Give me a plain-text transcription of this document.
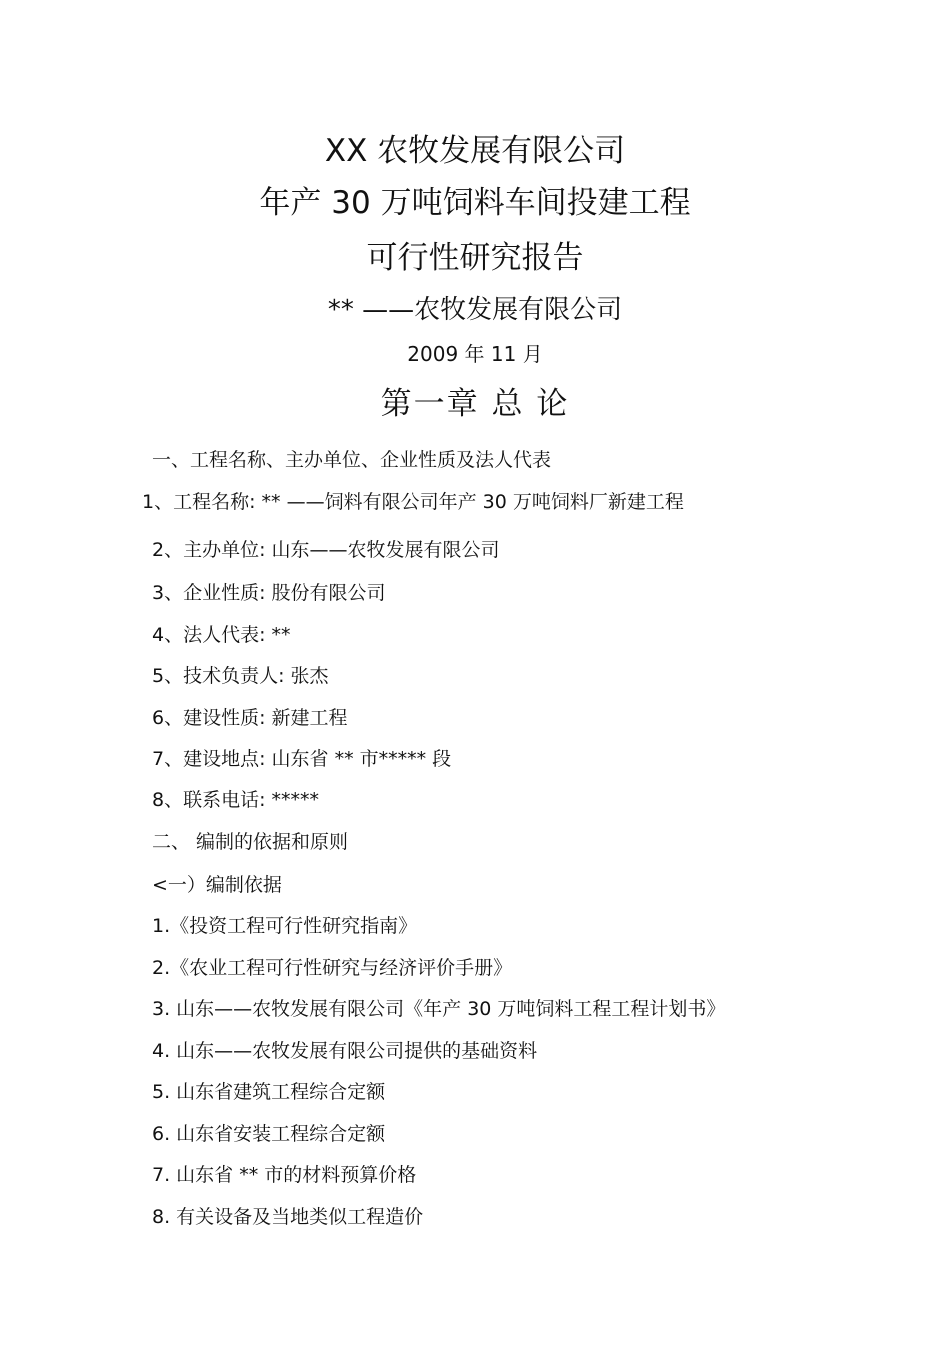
XX 农牧发展有限公司
年产 30 万吨饲料车间投建工程
可行性研究报告
** ——农牧发展有限公司
2009 年 11 月
第一章 总 论
一、工程名称、主办单位、企业性质及法人代表
1、工程名称: ** ——饲料有限公司年产 30 万吨饲料厂新建工程
2、主办单位: 山东——农牧发展有限公司
3、企业性质: 股份有限公司
4、法人代表: **
5、技术负责人: 张杰
6、建设性质: 新建工程
7、建设地点: 山东省 ** 市***** 段
8、联系电话: *****
二、 编制的依据和原则
<一）编制依据
1.《投资工程可行性研究指南》
2.《农业工程可行性研究与经济评价手册》
3. 山东——农牧发展有限公司《年产 30 万吨饲料工程工程计划书》
4. 山东——农牧发展有限公司提供的基础资料
5. 山东省建筑工程综合定额
6. 山东省安装工程综合定额
7. 山东省 ** 市的材料预算价格
8. 有关设备及当地类似工程造价
